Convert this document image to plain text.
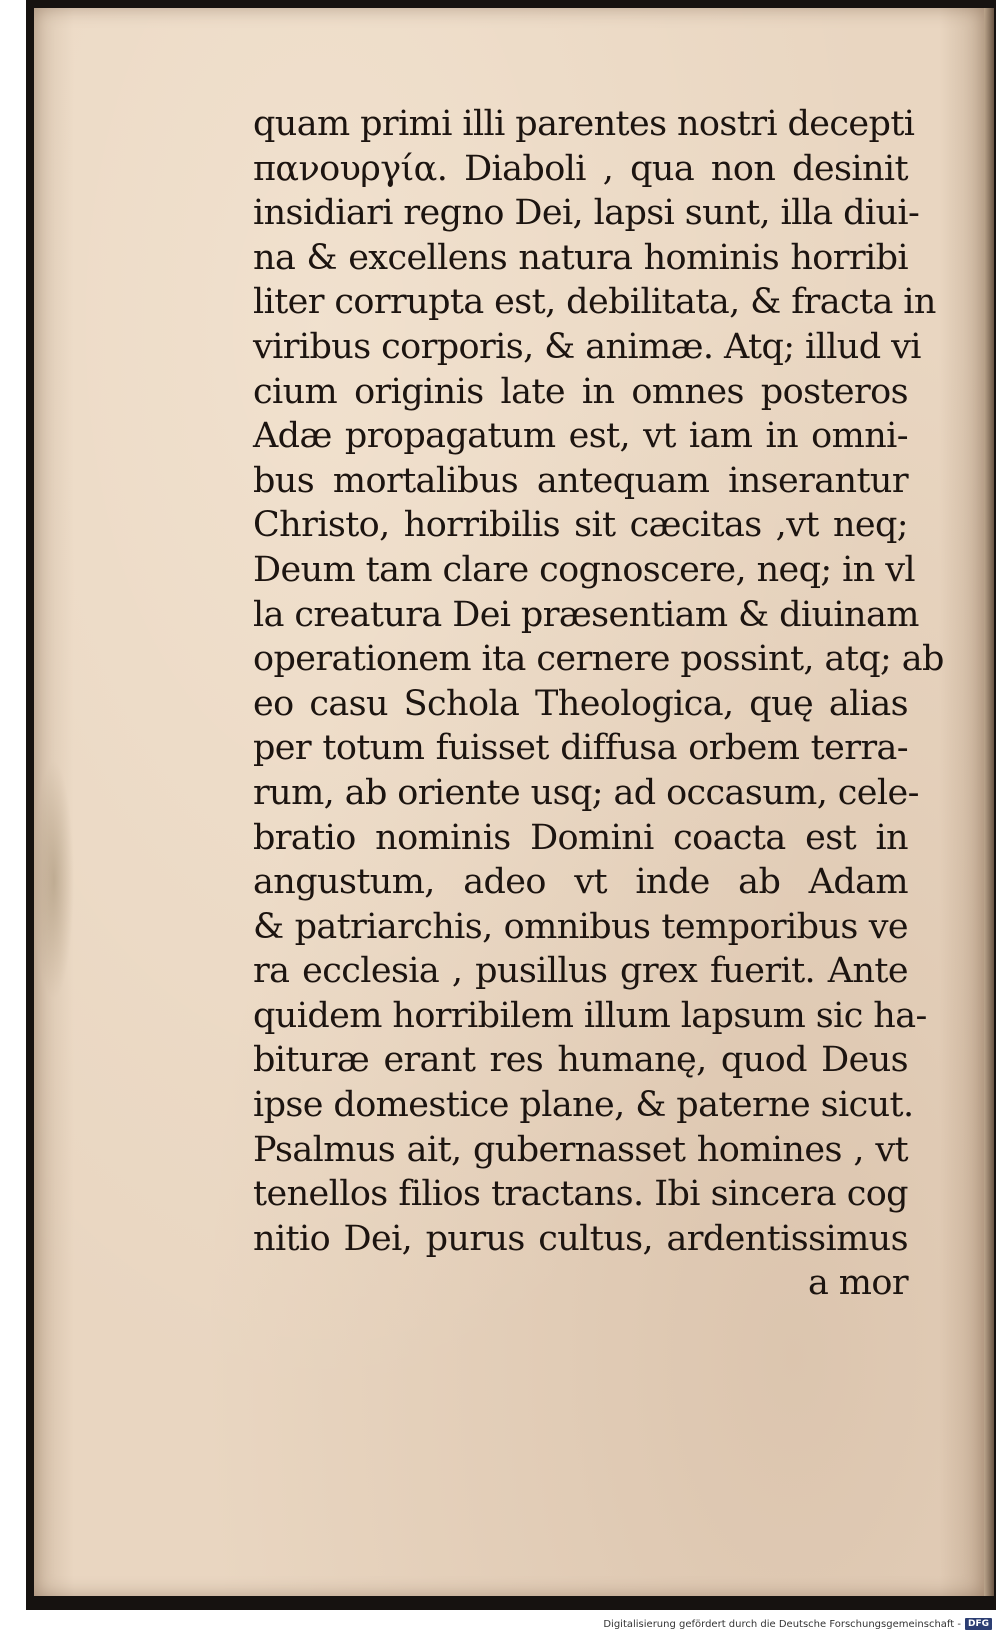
quam primi illi parentes nostri decepti
πανουργία. Diaboli , qua non desinit
insidiari regno Dei, lapsi sunt, illa diui-
na & excellens natura hominis horribi
liter corrupta est, debilitata, & fracta in
viribus corporis, & animæ. Atq; illud vi
cium originis late in omnes posteros
Adæ propagatum est, vt iam in omni-
bus mortalibus antequam inserantur
Christo, horribilis sit cæcitas ,vt neq;
Deum tam clare cognoscere, neq; in vl
la creatura Dei præsentiam & diuinam
operationem ita cernere possint, atq; ab
eo casu Schola Theologica, quę alias
per totum fuisset diffusa orbem terra-
rum, ab oriente usq; ad occasum, cele-
bratio nominis Domini coacta est in
angustum, adeo vt inde ab Adam
& patriarchis, omnibus temporibus ve
ra ecclesia , pusillus grex fuerit. Ante
quidem horribilem illum lapsum sic ha-
bituræ erant res humanę, quod Deus
ipse domestice plane, & paterne sicut.
Psalmus ait, gubernasset homines , vt
tenellos filios tractans. Ibi sincera cog
nitio Dei, purus cultus, ardentissimus
a mor
Digitalisierung gefördert durch die Deutsche Forschungsgemeinschaft - DFG
